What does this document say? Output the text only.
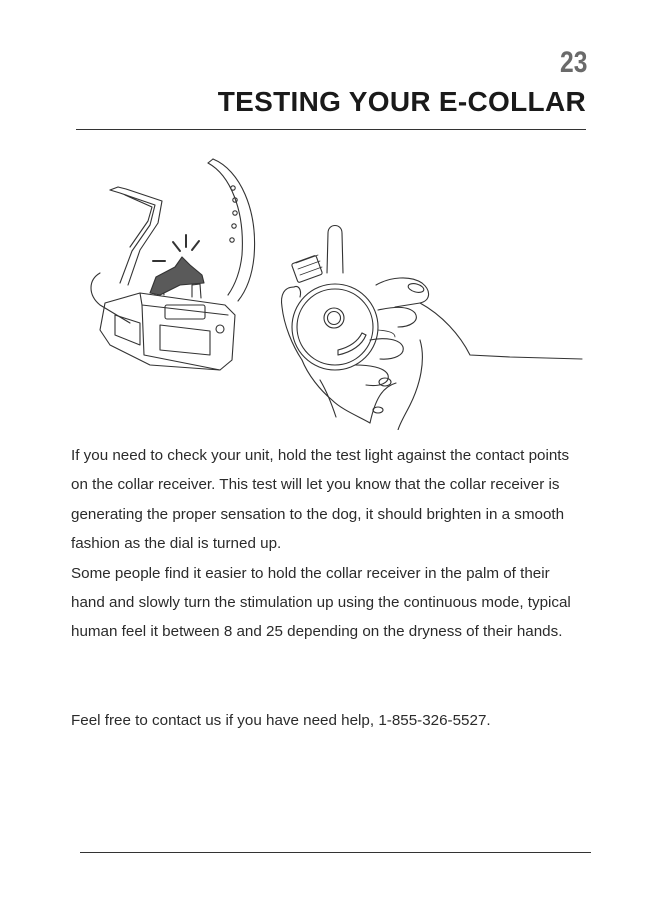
23
TESTING YOUR E-COLLAR

If you need to check your unit, hold the test light against the contact points on the collar receiver. This test will let you know that the collar receiver is generating the proper sensation to the dog, it should brighten in a smooth fashion as the dial is turned up.
Some people find it easier to hold the collar receiver in the palm of their hand and slowly turn the stimulation up using the continuous mode, typical human feel it between 8 and 25 depending on the dryness of their hands.

Feel free to contact us if you have need help, 1-855-326-5527.
